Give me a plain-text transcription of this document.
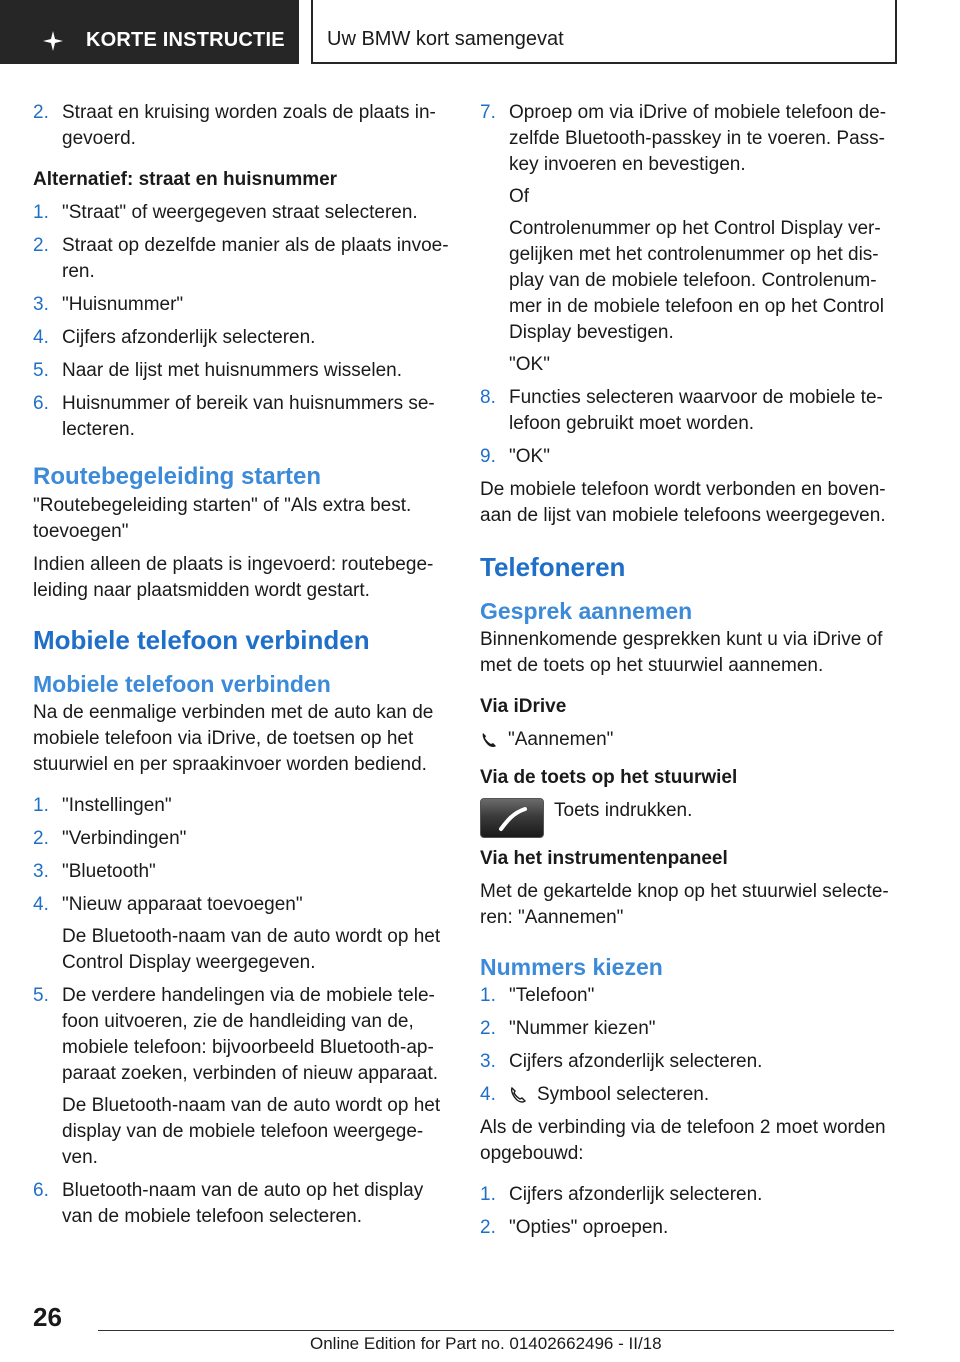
KORTE INSTRUCTIE Uw BMW kort samengevat
2. Straat en kruising worden zoals de plaats in-gevoerd.

Alternatief: straat en huisnummer

1. "Straat" of weergegeven straat selecteren.
2. Straat op dezelfde manier als de plaats invoe-ren.
3. "Huisnummer"
4. Cijfers afzonderlijk selecteren.
5. Naar de lijst met huisnummers wisselen.
6. Huisnummer of bereik van huisnummers se-lecteren.
Routebegeleiding starten

"Routebegeleiding starten" of "Als extra best. toevoegen"

Indien alleen de plaats is ingevoerd: routebege-leiding naar plaatsmidden wordt gestart.

Mobiele telefoon verbinden
Mobiele telefoon verbinden

Na de eenmalige verbinden met de auto kan de mobiele telefoon via iDrive, de toetsen op het stuurwiel en per spraakinvoer worden bediend.

1. "Instellingen"
2. "Verbindingen"
3. "Bluetooth"
4. "Nieuw apparaat toevoegen"
De Bluetooth-naam van de auto wordt op het Control Display weergegeven.
5. De verdere handelingen via de mobiele tele-foon uitvoeren, zie de handleiding van de, mobiele telefoon: bijvoorbeeld Bluetooth-ap-paraat zoeken, verbinden of nieuw apparaat.
De Bluetooth-naam van de auto wordt op het display van de mobiele telefoon weergege-ven.
6. Bluetooth-naam van de auto op het display van de mobiele telefoon selecteren.
7. Oproep om via iDrive of mobiele telefoon de-zelfde Bluetooth-passkey in te voeren. Pass-key invoeren en bevestigen.
Of
Controlenummer op het Control Display ver-gelijken met het controlenummer op het dis-play van de mobiele telefoon. Controlenum-mer in de mobiele telefoon en op het Control Display bevestigen.
"OK"
8. Functies selecteren waarvoor de mobiele te-lefoon gebruikt moet worden.
9. "OK"

De mobiele telefoon wordt verbonden en boven-aan de lijst van mobiele telefoons weergegeven.

Telefoneren
Gesprek aannemen

Binnenkomende gesprekken kunt u via iDrive of met de toets op het stuurwiel aannemen.

Via iDrive

"Aannemen"

Via de toets op het stuurwiel

Toets indrukken.

Via het instrumentenpaneel

Met de gekartelde knop op het stuurwiel selecte-ren: "Aannemen"

Nummers kiezen
1. "Telefoon"
2. "Nummer kiezen"
3. Cijfers afzonderlijk selecteren.
4. Symbool selecteren.

Als de verbinding via de telefoon 2 moet worden opgebouwd:

1. Cijfers afzonderlijk selecteren.
2. "Opties" oproepen.
26
Online Edition for Part no. 01402662496 - II/18
